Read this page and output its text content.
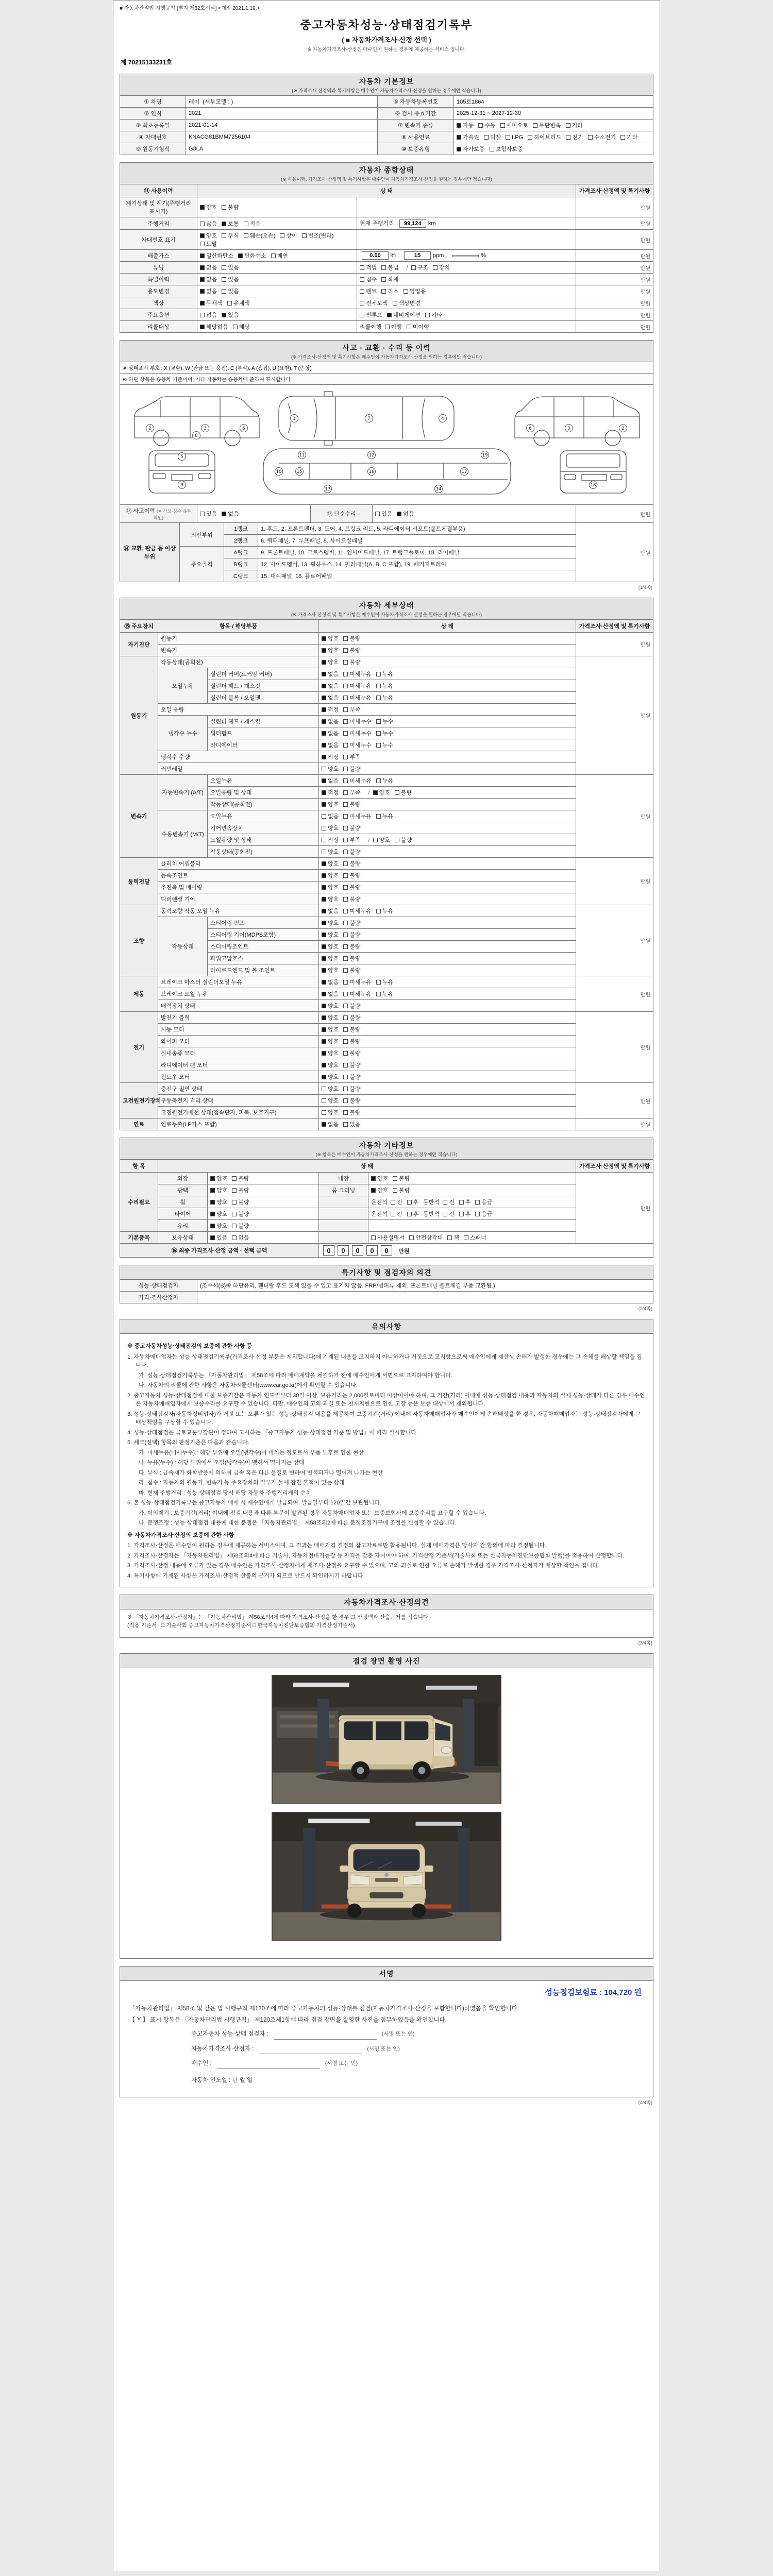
■ 자동차관리법 시행규칙 [별지 제82호서식] <개정 2021.1.19.>
중고자동차성능·상태점검기록부
( ■ 자동차가격조사·산정 선택 )
※ 자동차가격조사·산정은 매수인이 원하는 경우에 제공하는 서비스 입니다.
제 70215133231호
자동차 기본정보
(※ 가격조사·산정액과 특기사항은 매수인이 자동차가격조사·산정을 원하는 경우에만 적습니다)
① 차명	레이 (세부모델 : )	⑤ 자동차등록번호	105로1864
② 연식	2021	⑥ 검사 유효기간	2025-12-31 ~ 2027-12-30
③ 최초등록일	2021-01-14	⑦ 변속기 종류	자동 수동 세미오토 무단변속 기타
④ 차대번호	KNACG81BMM7256104	⑧ 사용연료	가솔린 디젤 LPG 하이브리드 전기 수소전기 기타
⑨ 원동기형식	G3LA	⑩ 보증유형	자가보증 보험사보증
자동차 종합상태
(※ 사용이력, 가격조사·산정액 및 특기사항은 매수인이 자동차가격조사·산정을 원하는 경우에만 적습니다)
⑪ 사용이력	상 태		가격조사·산정액 및 특기사항
계기상태 및 계기(주행거리 표시기)	양호 불량		만원
주행거리	많음 보통 적음	현재 주행거리 99,124 km	만원
차대번호 표기	양호 부식 훼손(오손) 상이 변조(변타)도말		만원
배출가스	일산화탄소 탄화수소 매연	0.00 % , 15 ppm , %	만원
튜닝	없음 있음	적법 불법 / 구조 장치	만원
특별이력	없음 있음	침수 화재	만원
용도변경	없음 있음	렌트 리스 영업용	만원
색상	무채색 유채색	전체도색 색상변경	만원
주요옵션	없음 있음	썬루프 네비게이션 기타	만원
리콜대상	해당없음 해당	리콜이행 이행 미이행	만원
사고 · 교환 · 수리 등 이력
(※ 가격조사·산정액 및 특기사항은 매수인이 자동차가격조사·산정을 원하는 경우에만 적습니다)
※ 상태표시 부호 : X (교환), W (판금 또는 용접), C (부식), A (흠집), U (요철), T (손상)
※ 하단 항목은 승용차 기준이며, 기타 자동차는 승용차에 준하여 표시합니다.
2	3	6
8
1	7	4
6	3	2
5
9
10
11	12
13
15	16	17
19
14
18
⑫ 사고이력 (※ 사고·침수 유무 확인)	있음 없음	⑬ 단순수리	있음 없음	만원
⑭ 교환, 판금 등 이상 부위	외판부위	1랭크	1. 후드, 2. 프론트펜더, 3. 도어, 4. 트렁크 리드, 5. 라디에이터 서포트(볼트체결부품)	만원
		2랭크	6. 쿼터패널, 7. 루프패널, 8. 사이드실패널	
	주요골격	A랭크	9. 프론트패널, 10. 크로스멤버, 11. 인사이드패널, 17. 트렁크플로어, 18. 리어패널	
		B랭크	12. 사이드멤버, 13. 휠하우스, 14. 필러패널(A, B, C 포함), 19. 패키지트레이	
		C랭크	15. 대쉬패널, 16. 플로어패널	
(1/4쪽)
자동차 세부상태
(※ 가격조사·산정액 및 특기사항은 매수인이 자동차가격조사·산정을 원하는 경우에만 적습니다)
⑮ 주요장치	항목 / 해당부품		상 태	가격조사·산정액 및 특기사항
자기진단	원동기		양호 불량	만원
	변속기		양호 불량	
원동기	작동상태(공회전)		양호 불량	만원
	오일누유	실린더 커버(로커암 커버)	없음 미세누유 누유	
		실린더 헤드 / 개스킷	없음 미세누유 누유	
		실린더 블록 / 오일팬	없음 미세누유 누유	
	오일 유량		적정 부족	
	냉각수 누수	실린더 헤드 / 개스킷	없음 미세누수 누수	
		워터펌프	없음 미세누수 누수	
		라디에이터	없음 미세누수 누수	
	냉각수 수량		적정 부족	
	커먼레일		양호 불량	
변속기	자동변속기 (A/T)	오일누유	없음 미세누유 누유	만원
		오일유량 및 상태	적정 부족 / 양호 불량	
		작동상태(공회전)	양호 불량	
	수동변속기 (M/T)	오일누유	없음 미세누유 누유	
		기어변속장치	양호 불량	
		오일유량 및 상태	적정 부족 / 양호 불량	
		작동상태(공회전)	양호 불량	
동력전달	클러치 어셈블리		양호 불량	만원
	등속조인트		양호 불량	
	추진축 및 베어링		양호 불량	
	디퍼렌셜 기어		양호 불량	
조향	동력조향 작동 오일 누유		없음 미세누유 누유	만원
	작동상태	스티어링 펌프	양호 불량	
		스티어링 기어(MDPS포함)	양호 불량	
		스티어링조인트	양호 불량	
		파워고압호스	양호 불량	
		타이로드엔드 및 볼 조인트	양호 불량	
제동	브레이크 마스터 실린더오일 누유		없음 미세누유 누유	만원
	브레이크 오일 누유		없음 미세누유 누유	
	배력장치 상태		양호 불량	
전기	발전기 출력		양호 불량	만원
	시동 모터		양호 불량	
	와이퍼 모터		양호 불량	
	실내송풍 모터		양호 불량	
	라디에이터 팬 모터		양호 불량	
	윈도우 모터		양호 불량	
고전원전기장치	충전구 절연 상태		양호 불량	만원
	구동축전지 격리 상태		양호 불량	
	고전원전기배선 상태(접속단자, 피복, 보호기구)		양호 불량	
연료	연료누출(LP가스 포함)		없음 있음	만원
자동차 기타정보
(※ 항목은 매수인이 자동차가격조사·산정을 원하는 경우에만 적습니다)
항 목	상 태				가격조사·산정액 및 특기사항
수리필요	외장	양호 불량	내장	양호 불량	만원
	광택	양호 불량	룸 크리닝	양호 불량	
	휠	양호 불량		운전석 전 후 동반석 전 후 응급	
	타이어	양호 불량		운전석 전 후 동반석 전 후 응급	
	유리	양호 불량			
기본품목	보유상태	있음 없음		사용설명서 안전삼각대 잭 스패너	
⑯ 최종 가격조사·산정 금액 · 선택 금액	0 0 0 0 0 만원
특기사항 및 점검자의 의견
성능·상태점검자	(조수석(S)쪽 하단유리, 휀더랑 후드 도색 있을 수 있고 표기치 않음, FRP/범퍼류 제외, 프론트패널 볼트체결 부품 교환됨.)
가격·조사산정자	
(2/4쪽)
유의사항
※ 중고자동차성능·상태점검의 보증에 관한 사항 등
1. 자동차매매업자는 성능·상태점검기록부(가격조사·산정 부분은 제외합니다)에 기재된 내용을 고지하지 아니하거나 거짓으로 고지함으로써 매수인에게 재산상 손해가 발생한 경우에는 그 손해를 배상할 책임을 집니다.
가. 성능·상태점검기록부는 「자동차관리법」 제58조에 따라 매매계약을 체결하기 전에 매수인에게 서면으로 고지하여야 합니다.
나. 자동차의 리콜에 관한 사항은 자동차리콜센터(www.car.go.kr)에서 확인할 수 있습니다.
2. 중고자동차 성능·상태점검에 대한 보증기간은 자동차 인도일부터 30일 이상, 보증거리는 2,000킬로미터 이상이어야 하며, 그 기간(거리) 이내에 성능·상태점검 내용과 자동차의 실제 성능·상태가 다른 경우 매수인은 자동차매매업자에게 보증수리를 요구할 수 있습니다. 다만, 매수인의 고의·과실 또는 천재지변으로 인한 고장 등은 보증 대상에서 제외됩니다.
3. 성능·상태점검자(자동차정비업자)가 거짓 또는 오류가 있는 성능·상태점검 내용을 제공하여 보증기간(거리) 이내에 자동차매매업자가 매수인에게 손해배상을 한 경우, 자동차매매업자는 성능·상태점검자에게 그 배상책임을 구상할 수 있습니다.
4. 성능·상태점검은 국토교통부장관이 정하여 고시하는 「중고자동차 성능·상태점검 기준 및 방법」에 따라 실시합니다.
5. 체크(선택) 항목의 판정기준은 다음과 같습니다.
가. 미세누유(미세누수) : 해당 부위에 오일(냉각수)이 비치는 정도로서 부품 노후로 인한 현상
나. 누유(누수) : 해당 부위에서 오일(냉각수)이 맺혀서 떨어지는 상태
다. 부식 : 금속재가 화학반응에 의하여 금속 혹은 다른 물질로 변하여 변색되거나 떨어져 나가는 현상
라. 침수 : 자동차의 원동기, 변속기 등 주요장치의 일부가 물에 잠긴 흔적이 있는 상태
마. 현재 주행거리 : 성능·상태점검 당시 해당 자동차 주행거리계의 수치
6. 본 성능·상태점검기록부는 중고자동차 매매 시 매수인에게 발급되며, 발급일부터 120일간 보관됩니다.
가. 이의제기 : 보증기간(거리) 이내에 점검 내용과 다른 부분이 발견된 경우 자동차매매업자 또는 보증보험사에 보증수리를 요구할 수 있습니다.
나. 분쟁조정 : 성능·상태점검 내용에 대한 분쟁은 「자동차관리법」 제58조의2에 따른 분쟁조정기구에 조정을 신청할 수 있습니다.
※ 자동차가격조사·산정의 보증에 관한 사항
1. 가격조사·산정은 매수인이 원하는 경우에 제공하는 서비스이며, 그 결과는 매매가격 결정의 참고자료로만 활용됩니다. 실제 매매가격은 당사자 간 합의에 따라 결정됩니다.
2. 가격조사·산정자는 「자동차관리법」 제58조의4에 따른 기술사, 자동차정비기능장 등 자격을 갖춘 자이어야 하며, 가격산정 기준서(기술사회 또는 한국자동차진단보증협회 발행)를 적용하여 산정합니다.
3. 가격조사·산정 내용에 오류가 있는 경우 매수인은 가격조사·산정자에게 재조사·산정을 요구할 수 있으며, 고의·과실로 인한 오류로 손해가 발생한 경우 가격조사·산정자가 배상할 책임을 집니다.
4. 특기사항에 기재된 사항은 가격조사·산정액 산출의 근거가 되므로 반드시 확인하시기 바랍니다.
자동차가격조사·산정의견
※ 「자동차가격조사·산정자」는 「자동차관리법」 제58조의4에 따라 가격조사·산정을 한 경우 그 산정액과 산출근거를 적습니다.
(적용 기준서 : □ 기술사회 중고자동차가격산정기준서 □ 한국자동차진단보증협회 가격산정기준서)
(3/4쪽)
점검 장면 촬영 사진
서명
성능점검보험료 : 104,720 원
「자동차관리법」 제58조 및 같은 법 시행규칙 제120조에 따라 중고자동차의 성능·상태를 점검(자동차가격조사·산정을 포함합니다)하였음을 확인합니다.
【 Y 】 표시 항목은 「자동차관리법 시행규칙」 제120조제1항에 따라 점검 장면을 촬영한 사진을 첨부하였음을 확인합니다.
중고자동차 성능·상태 점검자 :	(서명 또는 인)
자동차가격조사·산정자 :	(서명 또는 인)
매수인 :	(서명 또는 인)
자동차 인도일 : 년 월 일
(4/4쪽)
